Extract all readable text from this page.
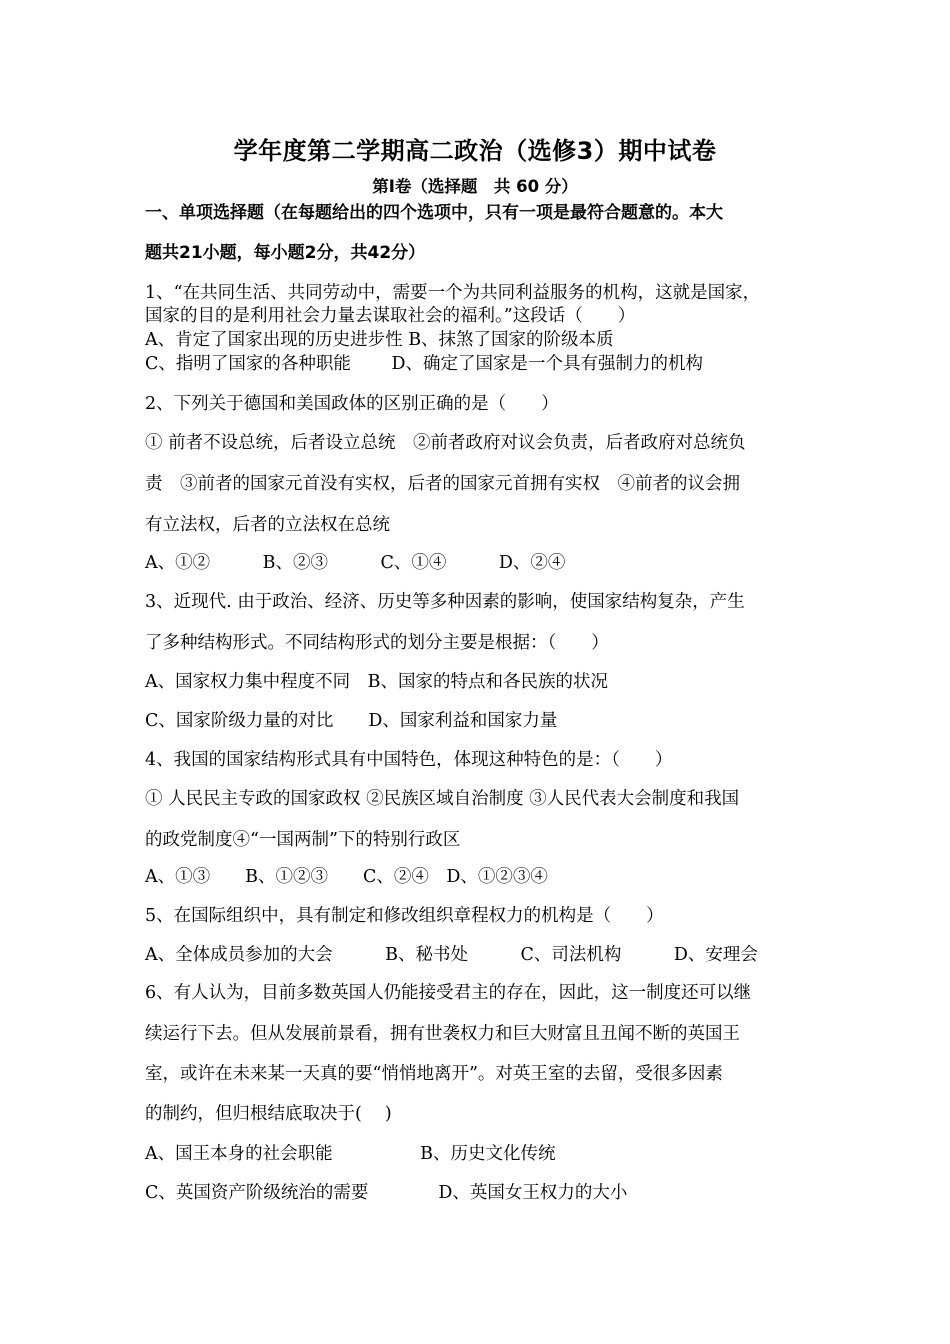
学年度第二学期高二政治（选修3）期中试卷
第Ⅰ卷（选择题　共 60 分）
一、单项选择题（在每题给出的四个选项中，只有一项是最符合题意的。本大
题共21小题，每小题2分，共42分）
1、“在共同生活、共同劳动中，需要一个为共同利益服务的机构，这就是国家，
国家的目的是利用社会力量去谋取社会的福利。”这段话（　　）
A、肯定了国家出现的历史进步性 B、抹煞了国家的阶级本质
C、指明了国家的各种职能　　 D、确定了国家是一个具有强制力的机构
2、下列关于德国和美国政体的区别正确的是（　　）
① 前者不设总统，后者设立总统　②前者政府对议会负责，后者政府对总统负
责　③前者的国家元首没有实权，后者的国家元首拥有实权　④前者的议会拥
有立法权，后者的立法权在总统
A、①②　　　B、②③　　　C、①④　　　D、②④
3、近现代. 由于政治、经济、历史等多种因素的影响，使国家结构复杂，产生
了多种结构形式。不同结构形式的划分主要是根据：（　　）
A、国家权力集中程度不同　B、国家的特点和各民族的状况
C、国家阶级力量的对比　　D、国家利益和国家力量
4、我国的国家结构形式具有中国特色，体现这种特色的是：（　　）
① 人民民主专政的国家政权 ②民族区域自治制度 ③人民代表大会制度和我国
的政党制度④“一国两制”下的特别行政区
A、①③　　B、①②③　　C、②④　D、①②③④
5、在国际组织中，具有制定和修改组织章程权力的机构是（　　）
A、全体成员参加的大会　　　B、秘书处　　　C、司法机构　　　D、安理会
6、有人认为，目前多数英国人仍能接受君主的存在，因此，这一制度还可以继
续运行下去。但从发展前景看，拥有世袭权力和巨大财富且丑闻不断的英国王
室，或许在未来某一天真的要“悄悄地离开”。对英王室的去留，受很多因素
的制约，但归根结底取决于(　 )
A、国王本身的社会职能　　　　　B、历史文化传统
C、英国资产阶级统治的需要　　　　D、英国女王权力的大小
